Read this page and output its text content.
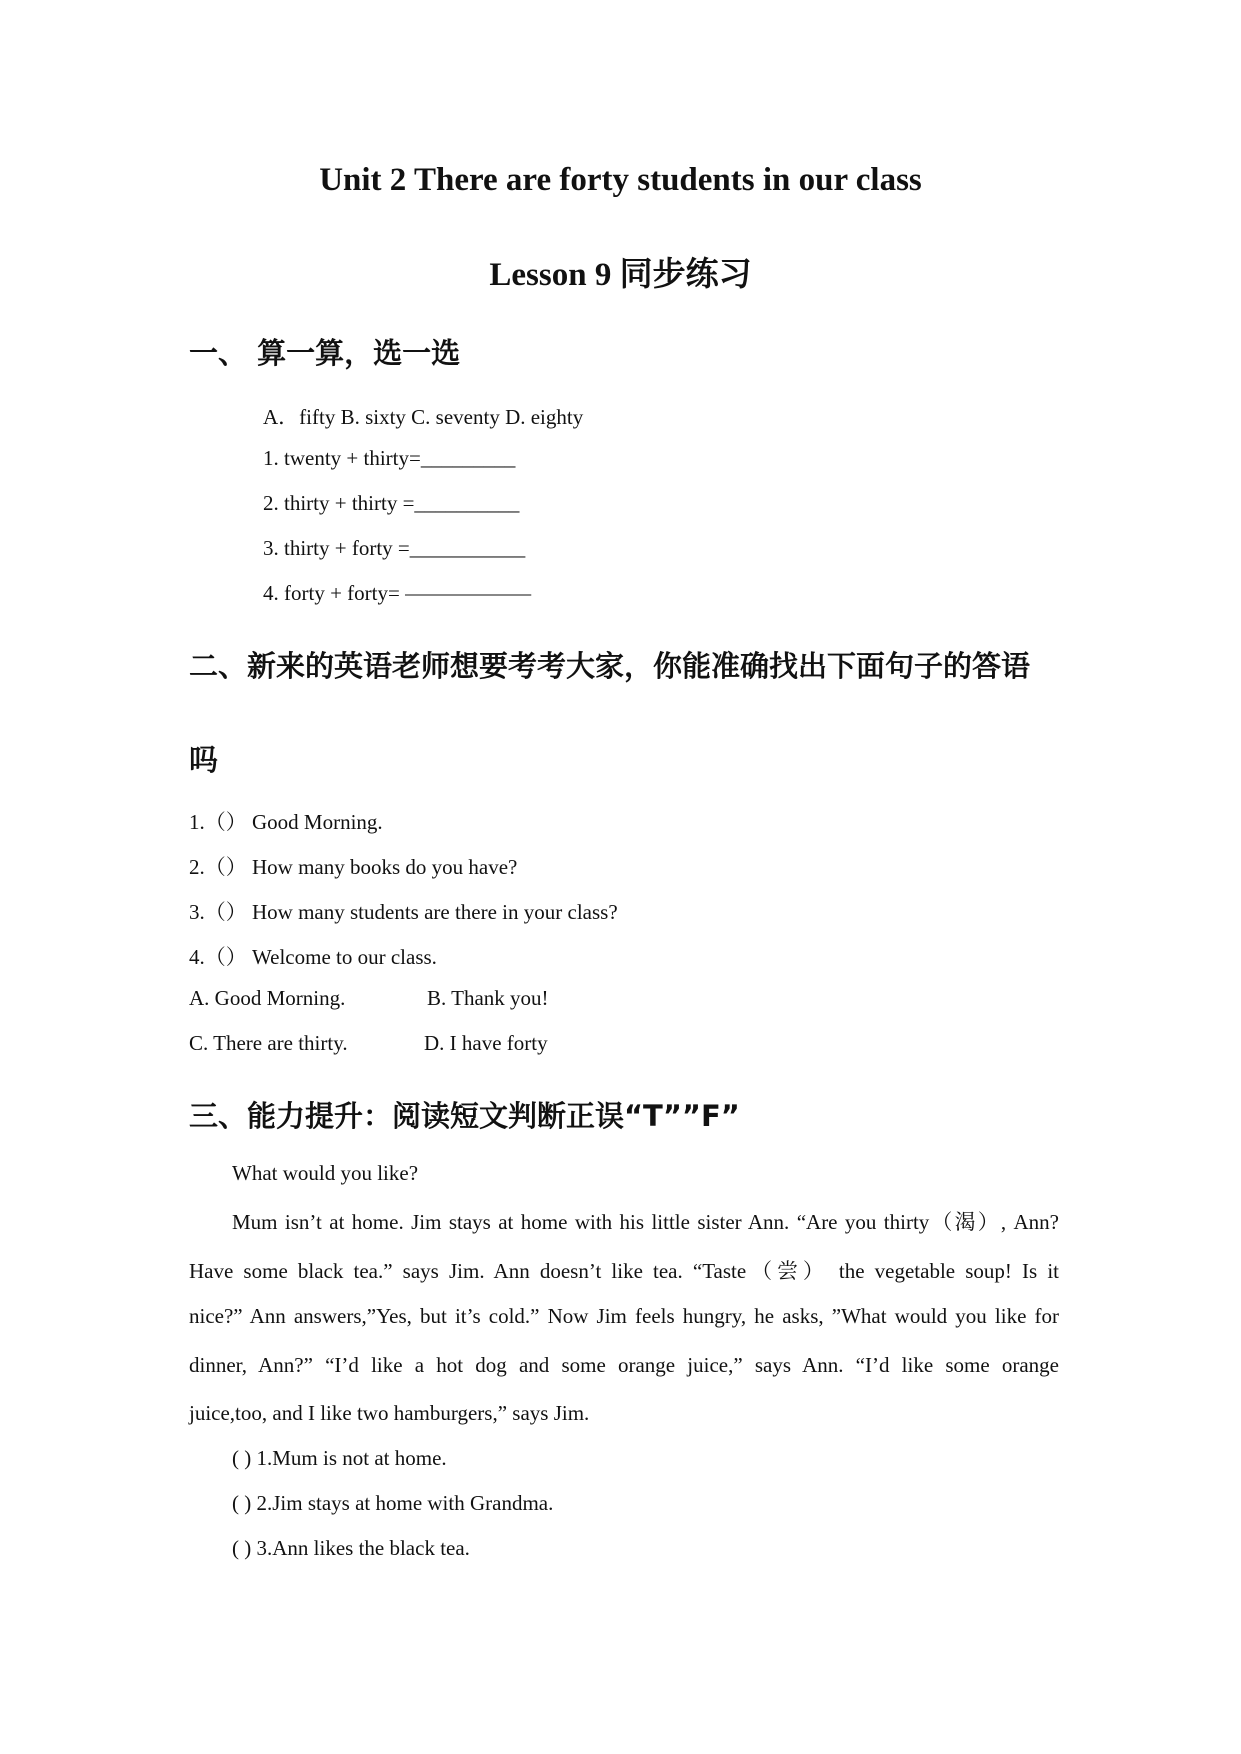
Unit 2 There are forty students in our class
Lesson 9 同步练习
一、 算一算，选一选
A．fifty B. sixty C. seventy D. eighty
1. twenty + thirty=_________
2. thirty + thirty =__________
3. thirty + forty =___________
4. forty + forty= ——————
二、新来的英语老师想要考考大家，你能准确找出下面句子的答语
吗
1.（） Good Morning.
2.（） How many books do you have?
3.（） How many students are there in your class?
4.（） Welcome to our class.
A. Good Morning.	B. Thank you!
C. There are thirty.	D. I have forty
三、能力提升：阅读短文判断正误“T””F”
What would you like?
Mum isn’t at home. Jim stays at home with his little sister Ann. “Are you thirty（渴）, Ann?
Have some black tea.” says Jim. Ann doesn’t like tea. “Taste（尝） the vegetable soup! Is it
nice?” Ann answers,”Yes, but it’s cold.” Now Jim feels hungry, he asks, ”What would you like for
dinner, Ann?” “I’d like a hot dog and some orange juice,” says Ann. “I’d like some orange
juice,too, and I like two hamburgers,” says Jim.
( ) 1.Mum is not at home.
( ) 2.Jim stays at home with Grandma.
( ) 3.Ann likes the black tea.
